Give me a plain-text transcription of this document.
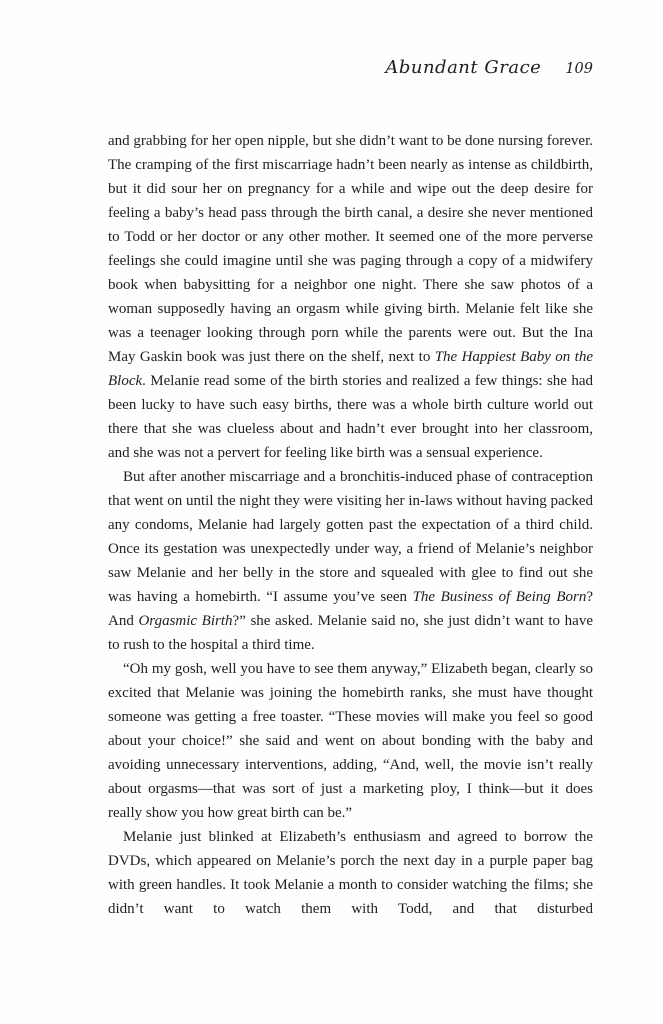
Abundant Grace 109

and grabbing for her open nipple, but she didn’t want to be done nursing forever. The cramping of the first miscarriage hadn’t been nearly as intense as childbirth, but it did sour her on pregnancy for a while and wipe out the deep desire for feeling a baby’s head pass through the birth canal, a desire she never mentioned to Todd or her doctor or any other mother. It seemed one of the more perverse feelings she could imagine until she was paging through a copy of a midwifery book when babysitting for a neighbor one night. There she saw photos of a woman supposedly having an orgasm while giving birth. Melanie felt like she was a teenager looking through porn while the parents were out. But the Ina May Gaskin book was just there on the shelf, next to The Happiest Baby on the Block. Melanie read some of the birth stories and realized a few things: she had been lucky to have such easy births, there was a whole birth culture world out there that she was clueless about and hadn’t ever brought into her classroom, and she was not a pervert for feeling like birth was a sensual experience.

But after another miscarriage and a bronchitis-induced phase of contraception that went on until the night they were visiting her in-laws without having packed any condoms, Melanie had largely gotten past the expectation of a third child. Once its gestation was unexpectedly under way, a friend of Melanie’s neighbor saw Melanie and her belly in the store and squealed with glee to find out she was having a homebirth. “I assume you’ve seen The Business of Being Born? And Orgasmic Birth?” she asked. Melanie said no, she just didn’t want to have to rush to the hospital a third time.

“Oh my gosh, well you have to see them anyway,” Elizabeth began, clearly so excited that Melanie was joining the homebirth ranks, she must have thought someone was getting a free toaster. “These movies will make you feel so good about your choice!” she said and went on about bonding with the baby and avoiding unnecessary interventions, adding, “And, well, the movie isn’t really about orgasms—that was sort of just a marketing ploy, I think—but it does really show you how great birth can be.”

Melanie just blinked at Elizabeth’s enthusiasm and agreed to borrow the DVDs, which appeared on Melanie’s porch the next day in a purple paper bag with green handles. It took Melanie a month to consider watching the films; she didn’t want to watch them with Todd, and that disturbed
